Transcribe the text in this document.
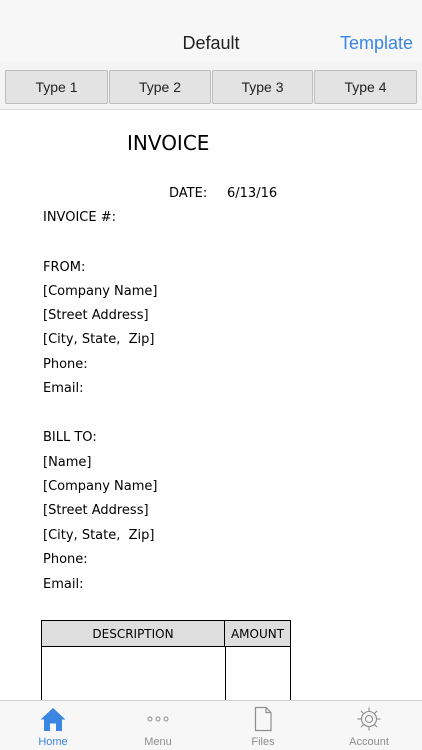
Default	Template
Type 1	Type 2	Type 3	Type 4
INVOICE
DATE: 6/13/16
INVOICE #:
FROM:
[Company Name]
[Street Address]
[City, State,  Zip]
Phone:
Email:
BILL TO:
[Name]
[Company Name]
[Street Address]
[City, State,  Zip]
Phone:
Email:
DESCRIPTION	AMOUNT
Home	Menu	Files	Account
